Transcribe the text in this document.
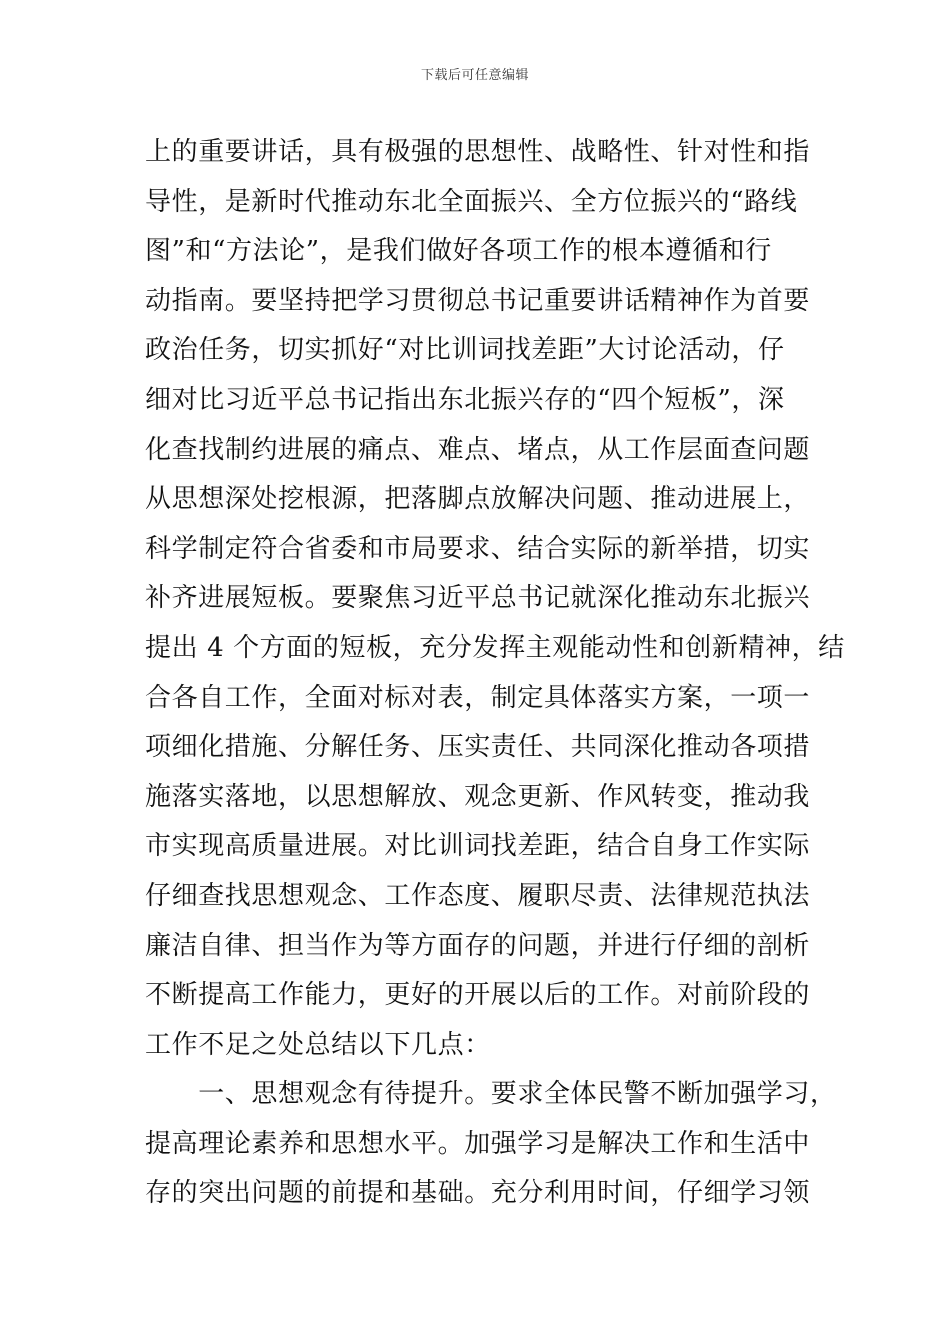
下载后可任意编辑
上的重要讲话，具有极强的思想性、战略性、针对性和指
导性，是新时代推动东北全面振兴、全方位振兴的“路线
图”和“方法论”，是我们做好各项工作的根本遵循和行
动指南。要坚持把学习贯彻总书记重要讲话精神作为首要
政治任务，切实抓好“对比训词找差距”大讨论活动，仔
细对比习近平总书记指出东北振兴存的“四个短板”，深
化查找制约进展的痛点、难点、堵点，从工作层面查问题
从思想深处挖根源，把落脚点放解决问题、推动进展上，
科学制定符合省委和市局要求、结合实际的新举措，切实
补齐进展短板。要聚焦习近平总书记就深化推动东北振兴
提出 4 个方面的短板，充分发挥主观能动性和创新精神，结
合各自工作，全面对标对表，制定具体落实方案，一项一
项细化措施、分解任务、压实责任、共同深化推动各项措
施落实落地，以思想解放、观念更新、作风转变，推动我
市实现高质量进展。对比训词找差距，结合自身工作实际
仔细查找思想观念、工作态度、履职尽责、法律规范执法
廉洁自律、担当作为等方面存的问题，并进行仔细的剖析
不断提高工作能力，更好的开展以后的工作。对前阶段的
工作不足之处总结以下几点：
　　一、思想观念有待提升。要求全体民警不断加强学习，
提高理论素养和思想水平。加强学习是解决工作和生活中
存的突出问题的前提和基础。充分利用时间，仔细学习领
